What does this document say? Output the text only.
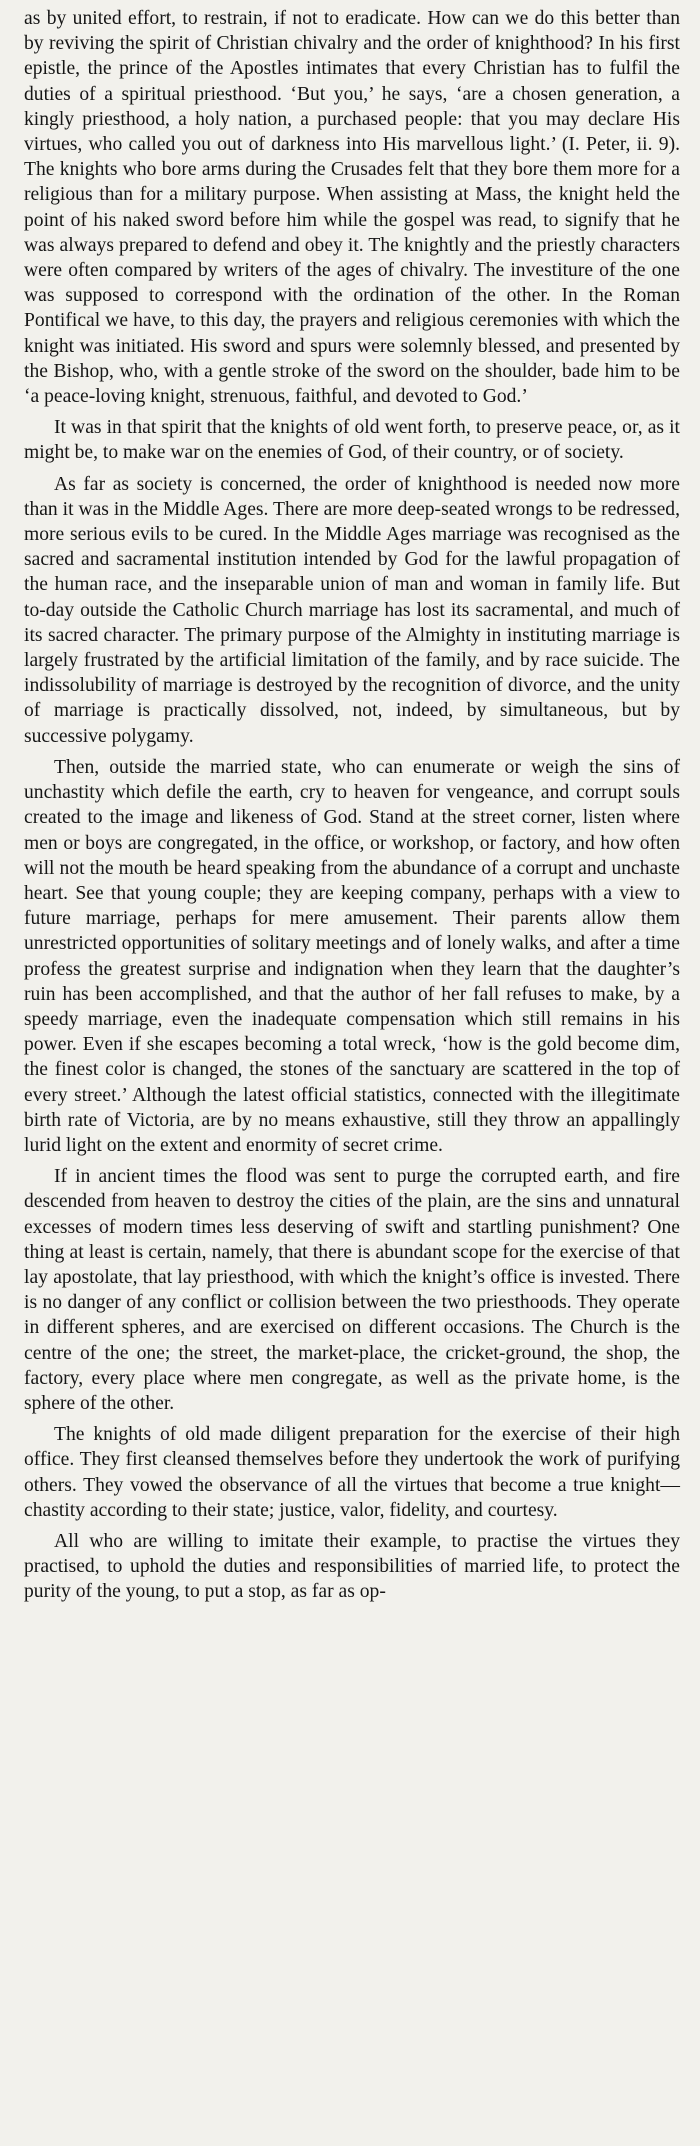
as by united effort, to restrain, if not to eradicate. How can we do this better than by reviving the spirit of Christian chivalry and the order of knighthood? In his first epistle, the prince of the Apostles intimates that every Christian has to fulfil the duties of a spiritual priesthood. ‘But you,’ he says, ‘are a chosen generation, a kingly priesthood, a holy nation, a purchased people: that you may declare His virtues, who called you out of darkness into His marvellous light.’ (I. Peter, ii. 9). The knights who bore arms during the Crusades felt that they bore them more for a religious than for a military purpose. When assisting at Mass, the knight held the point of his naked sword before him while the gospel was read, to signify that he was always prepared to defend and obey it. The knightly and the priestly characters were often compared by writers of the ages of chivalry. The investiture of the one was supposed to correspond with the ordination of the other. In the Roman Pontifical we have, to this day, the prayers and religious ceremonies with which the knight was initiated. His sword and spurs were solemnly blessed, and presented by the Bishop, who, with a gentle stroke of the sword on the shoulder, bade him to be ‘a peace-loving knight, strenuous, faithful, and devoted to God.’

It was in that spirit that the knights of old went forth, to preserve peace, or, as it might be, to make war on the enemies of God, of their country, or of society.

As far as society is concerned, the order of knighthood is needed now more than it was in the Middle Ages. There are more deep-seated wrongs to be redressed, more serious evils to be cured. In the Middle Ages marriage was recognised as the sacred and sacramental institution intended by God for the lawful propagation of the human race, and the inseparable union of man and woman in family life. But to-day outside the Catholic Church marriage has lost its sacramental, and much of its sacred character. The primary purpose of the Almighty in instituting marriage is largely frustrated by the artificial limitation of the family, and by race suicide. The indissolubility of marriage is destroyed by the recognition of divorce, and the unity of marriage is practically dissolved, not, indeed, by simultaneous, but by successive polygamy.

Then, outside the married state, who can enumerate or weigh the sins of unchastity which defile the earth, cry to heaven for vengeance, and corrupt souls created to the image and likeness of God. Stand at the street corner, listen where men or boys are congregated, in the office, or workshop, or factory, and how often will not the mouth be heard speaking from the abundance of a corrupt and unchaste heart. See that young couple; they are keeping company, perhaps with a view to future marriage, perhaps for mere amusement. Their parents allow them unrestricted opportunities of solitary meetings and of lonely walks, and after a time profess the greatest surprise and indignation when they learn that the daughter’s ruin has been accomplished, and that the author of her fall refuses to make, by a speedy marriage, even the inadequate compensation which still remains in his power. Even if she escapes becoming a total wreck, ‘how is the gold become dim, the finest color is changed, the stones of the sanctuary are scattered in the top of every street.’ Although the latest official statistics, connected with the illegitimate birth rate of Victoria, are by no means exhaustive, still they throw an appallingly lurid light on the extent and enormity of secret crime.

If in ancient times the flood was sent to purge the corrupted earth, and fire descended from heaven to destroy the cities of the plain, are the sins and unnatural excesses of modern times less deserving of swift and startling punishment? One thing at least is certain, namely, that there is abundant scope for the exercise of that lay apostolate, that lay priesthood, with which the knight’s office is invested. There is no danger of any conflict or collision between the two priesthoods. They operate in different spheres, and are exercised on different occasions. The Church is the centre of the one; the street, the market-place, the cricket-ground, the shop, the factory, every place where men congregate, as well as the private home, is the sphere of the other.

The knights of old made diligent preparation for the exercise of their high office. They first cleansed themselves before they undertook the work of purifying others. They vowed the observance of all the virtues that become a true knight—chastity according to their state; justice, valor, fidelity, and courtesy.

All who are willing to imitate their example, to practise the virtues they practised, to uphold the duties and responsibilities of married life, to protect the purity of the young, to put a stop, as far as op-
